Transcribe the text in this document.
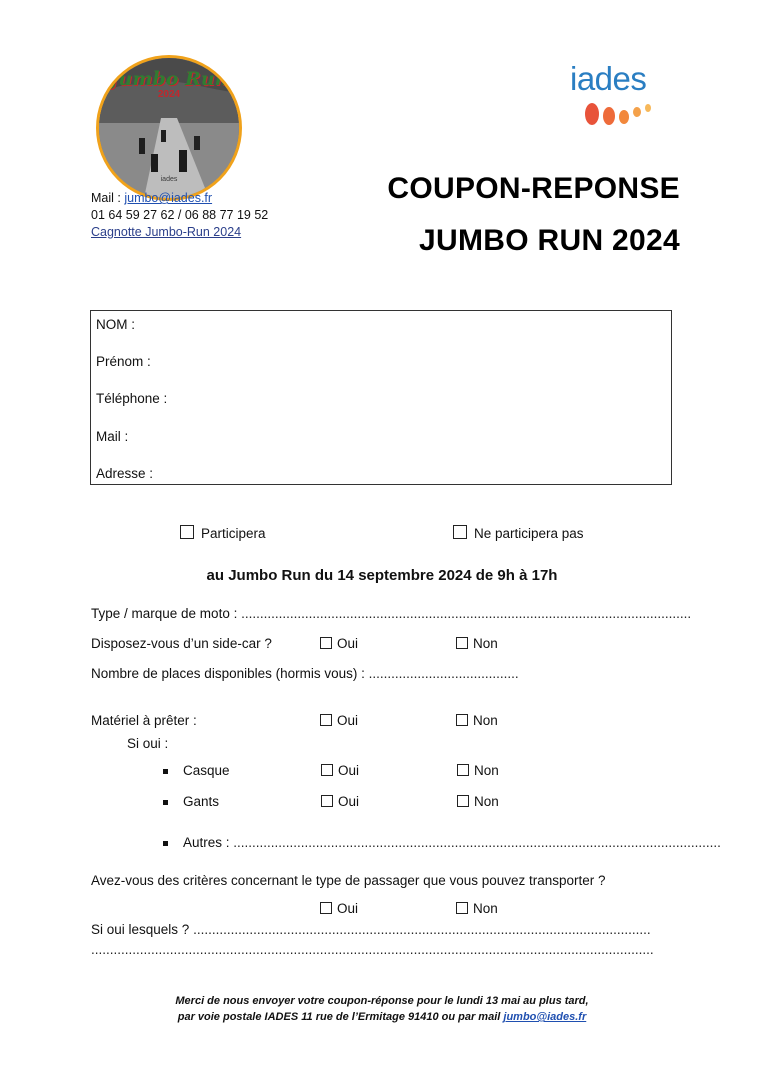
Jumbo Run
2024
iades
Mail : jumbo@iades.fr
01 64 59 27 62 / 06 88 77 19 52
Cagnotte Jumbo-Run 2024
iades
COUPON-REPONSE
JUMBO RUN 2024
NOM :
Prénom :
Téléphone :
Mail :
Adresse :
Participera	Ne participera pas
au Jumbo Run du 14 septembre 2024 de 9h à 17h
Type / marque de moto : ........................................................................................................................
Disposez-vous d’un side-car ?	Oui	Non
Nombre de places disponibles (hormis vous) : ........................................
Matériel à prêter :	Oui	Non
Si oui :
Casque	Oui	Non
Gants	Oui	Non
Autres : ..................................................................................................................................
Avez-vous des critères concernant le type de passager que vous pouvez transporter ?
Oui	Non
Si oui lesquels ? ..........................................................................................................................
......................................................................................................................................................
Merci de nous envoyer votre coupon-réponse pour le lundi 13 mai au plus tard,
par voie postale IADES 11 rue de l’Ermitage 91410 ou par mail jumbo@iades.fr
